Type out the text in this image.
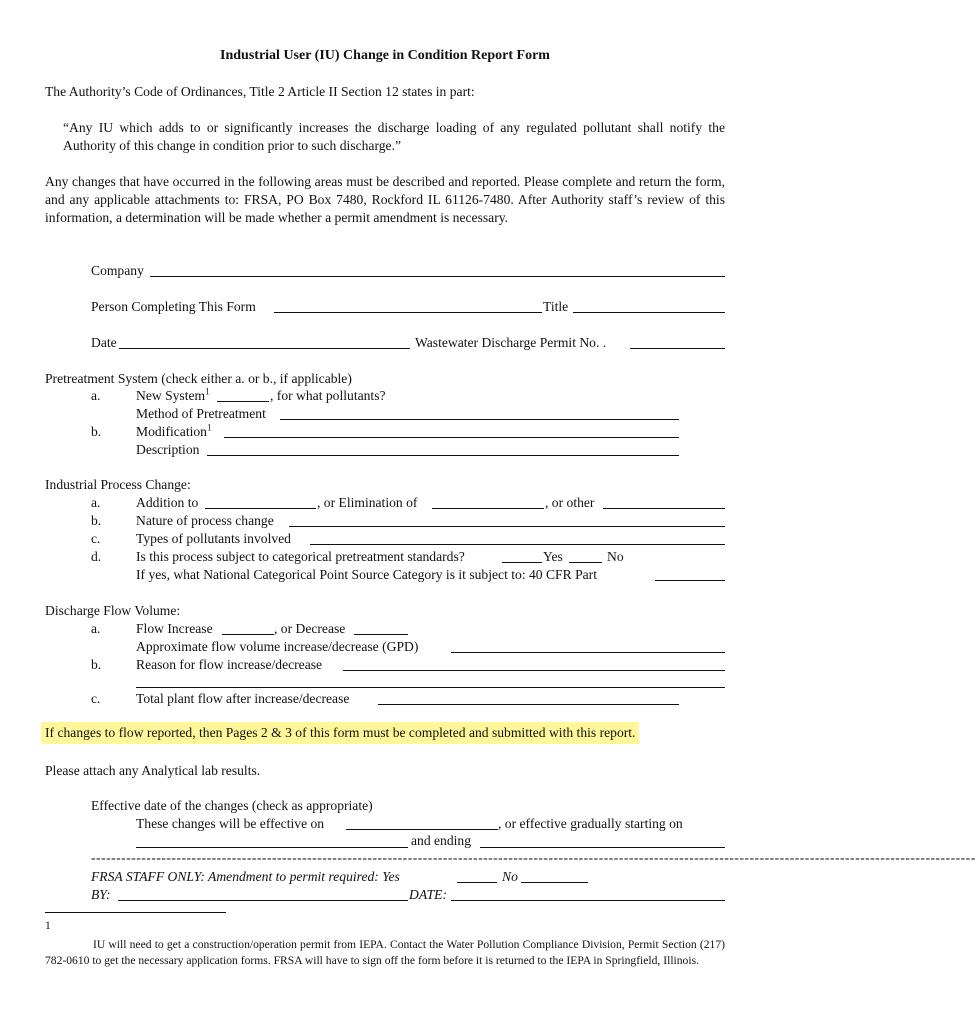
Industrial User (IU) Change in Condition Report Form
The Authority’s Code of Ordinances, Title 2 Article II Section 12 states in part:
“Any IU which adds to or significantly increases the discharge loading of any regulated pollutant shall notify the Authority of this change in condition prior to such discharge.”
Any changes that have occurred in the following areas must be described and reported. Please complete and return the form, and any applicable attachments to: FRSA, PO Box 7480, Rockford IL 61126-7480. After Authority staff’s review of this information, a determination will be made whether a permit amendment is necessary.
Company
Person Completing This Form	Title
Date	Wastewater Discharge Permit No. .
Pretreatment System (check either a. or b., if applicable)
a.	New System$^1$	, for what pollutants?
Method of Pretreatment
b.	Modification$^1$
Description
Industrial Process Change:
a.	Addition to	, or Elimination of	, or other
b.	Nature of process change
c.	Types of pollutants involved
d.	Is this process subject to categorical pretreatment standards?	Yes	No
If yes, what National Categorical Point Source Category is it subject to: 40 CFR Part
Discharge Flow Volume:
a.	Flow Increase	, or Decrease
Approximate flow volume increase/decrease (GPD)
b.	Reason for flow increase/decrease
c.	Total plant flow after increase/decrease
If changes to flow reported, then Pages 2 & 3 of this form must be completed and submitted with this report.
Please attach any Analytical lab results.
Effective date of the changes (check as appropriate)
These changes will be effective on	, or effective gradually starting on
and ending
--------------------------------------------------------------------------------------------------------------------------------------------------------------------------------
FRSA STAFF ONLY: Amendment to permit required: Yes	No
BY:	DATE:
1
IU will need to get a construction/operation permit from IEPA. Contact the Water Pollution Compliance Division, Permit Section (217) 782-0610 to get the necessary application forms. FRSA will have to sign off the form before it is returned to the IEPA in Springfield, Illinois.
